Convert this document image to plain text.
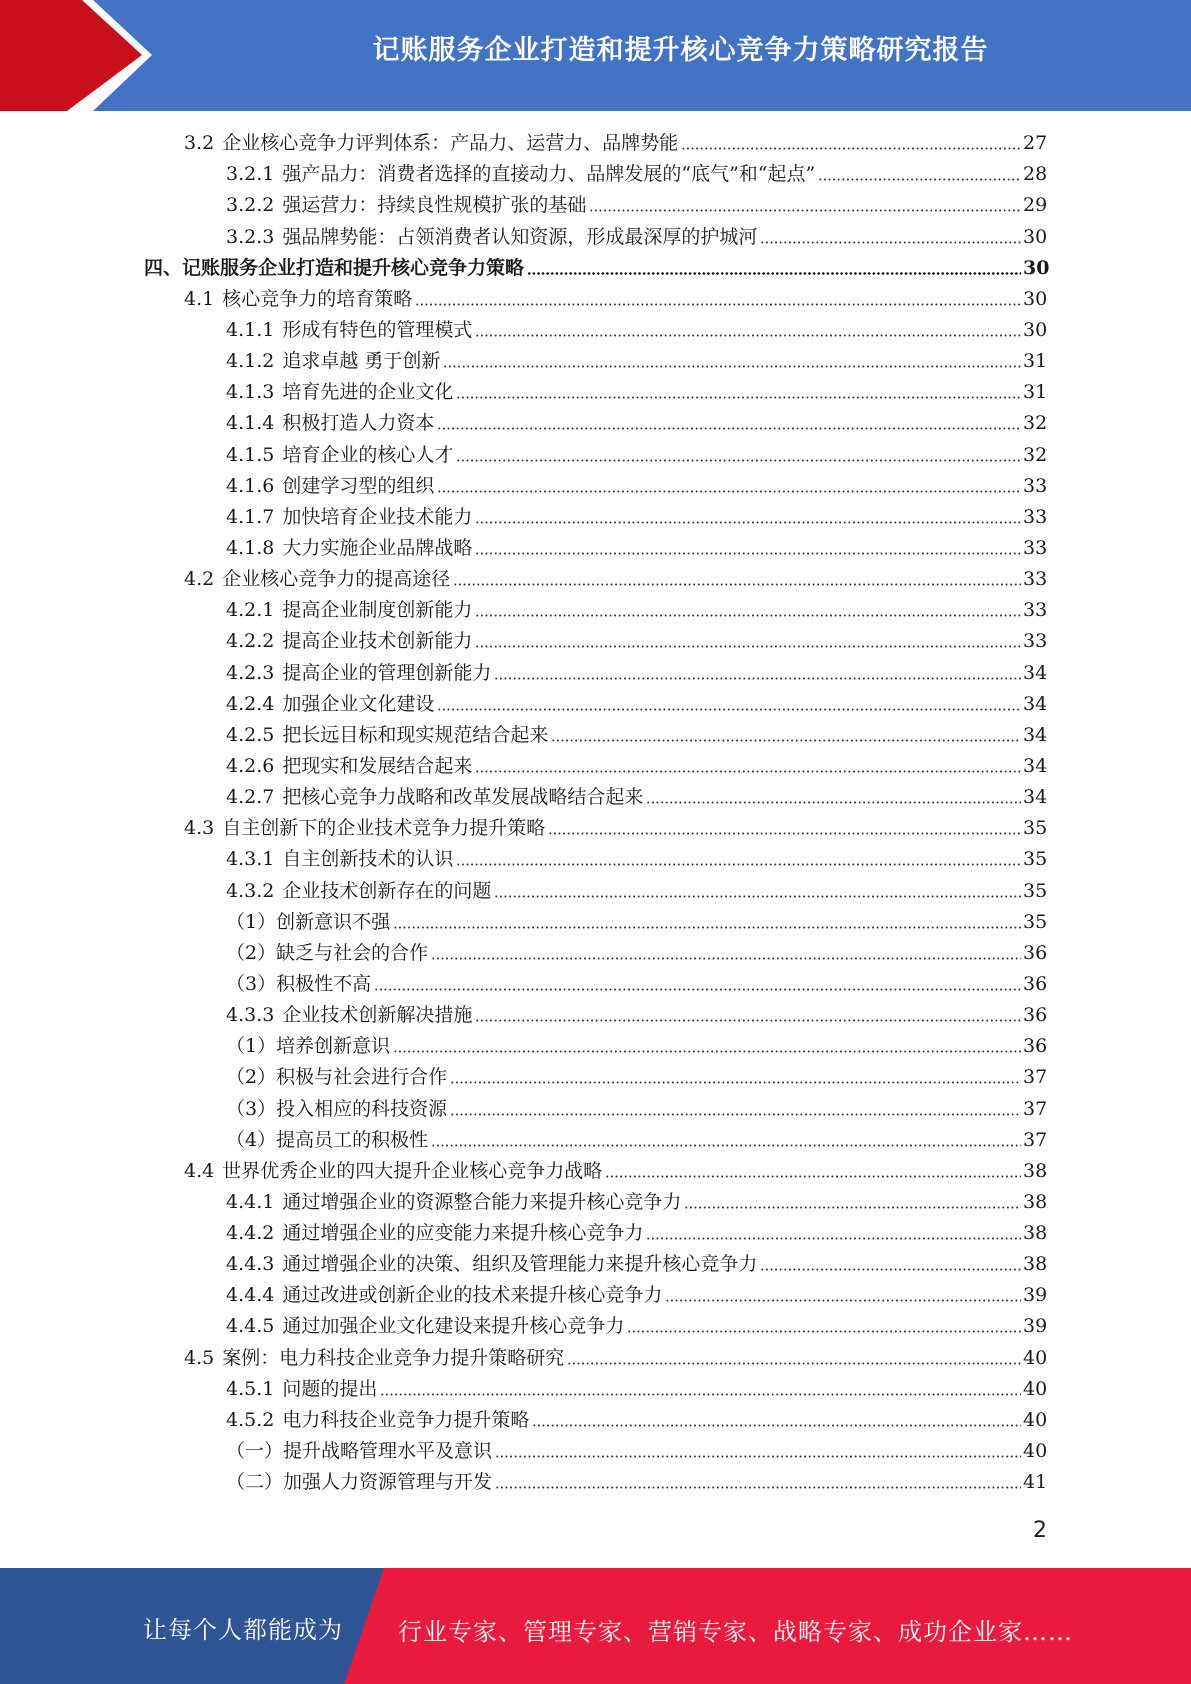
记账服务企业打造和提升核心竞争力策略研究报告
3.2 企业核心竞争力评判体系：产品力、运营力、品牌势能	27
3.2.1 强产品力：消费者选择的直接动力、品牌发展的“底气”和“起点”	28
3.2.2 强运营力：持续良性规模扩张的基础	29
3.2.3 强品牌势能：占领消费者认知资源，形成最深厚的护城河	30
四、记账服务企业打造和提升核心竞争力策略	30
4.1 核心竞争力的培育策略	30
4.1.1 形成有特色的管理模式	30
4.1.2 追求卓越 勇于创新	31
4.1.3 培育先进的企业文化	31
4.1.4 积极打造人力资本	32
4.1.5 培育企业的核心人才	32
4.1.6 创建学习型的组织	33
4.1.7 加快培育企业技术能力	33
4.1.8 大力实施企业品牌战略	33
4.2 企业核心竞争力的提高途径	33
4.2.1 提高企业制度创新能力	33
4.2.2 提高企业技术创新能力	33
4.2.3 提高企业的管理创新能力	34
4.2.4 加强企业文化建设	34
4.2.5 把长远目标和现实规范结合起来	34
4.2.6 把现实和发展结合起来	34
4.2.7 把核心竞争力战略和改革发展战略结合起来	34
4.3 自主创新下的企业技术竞争力提升策略	35
4.3.1 自主创新技术的认识	35
4.3.2 企业技术创新存在的问题	35
（1）创新意识不强	35
（2）缺乏与社会的合作	36
（3）积极性不高	36
4.3.3 企业技术创新解决措施	36
（1）培养创新意识	36
（2）积极与社会进行合作	37
（3）投入相应的科技资源	37
（4）提高员工的积极性	37
4.4 世界优秀企业的四大提升企业核心竞争力战略	38
4.4.1 通过增强企业的资源整合能力来提升核心竞争力	38
4.4.2 通过增强企业的应变能力来提升核心竞争力	38
4.4.3 通过增强企业的决策、组织及管理能力来提升核心竞争力	38
4.4.4 通过改进或创新企业的技术来提升核心竞争力	39
4.4.5 通过加强企业文化建设来提升核心竞争力	39
4.5 案例：电力科技企业竞争力提升策略研究	40
4.5.1 问题的提出	40
4.5.2 电力科技企业竞争力提升策略	40
（一）提升战略管理水平及意识	40
（二）加强人力资源管理与开发	41
2
让每个人都能成为 行业专家、管理专家、营销专家、战略专家、成功企业家……
